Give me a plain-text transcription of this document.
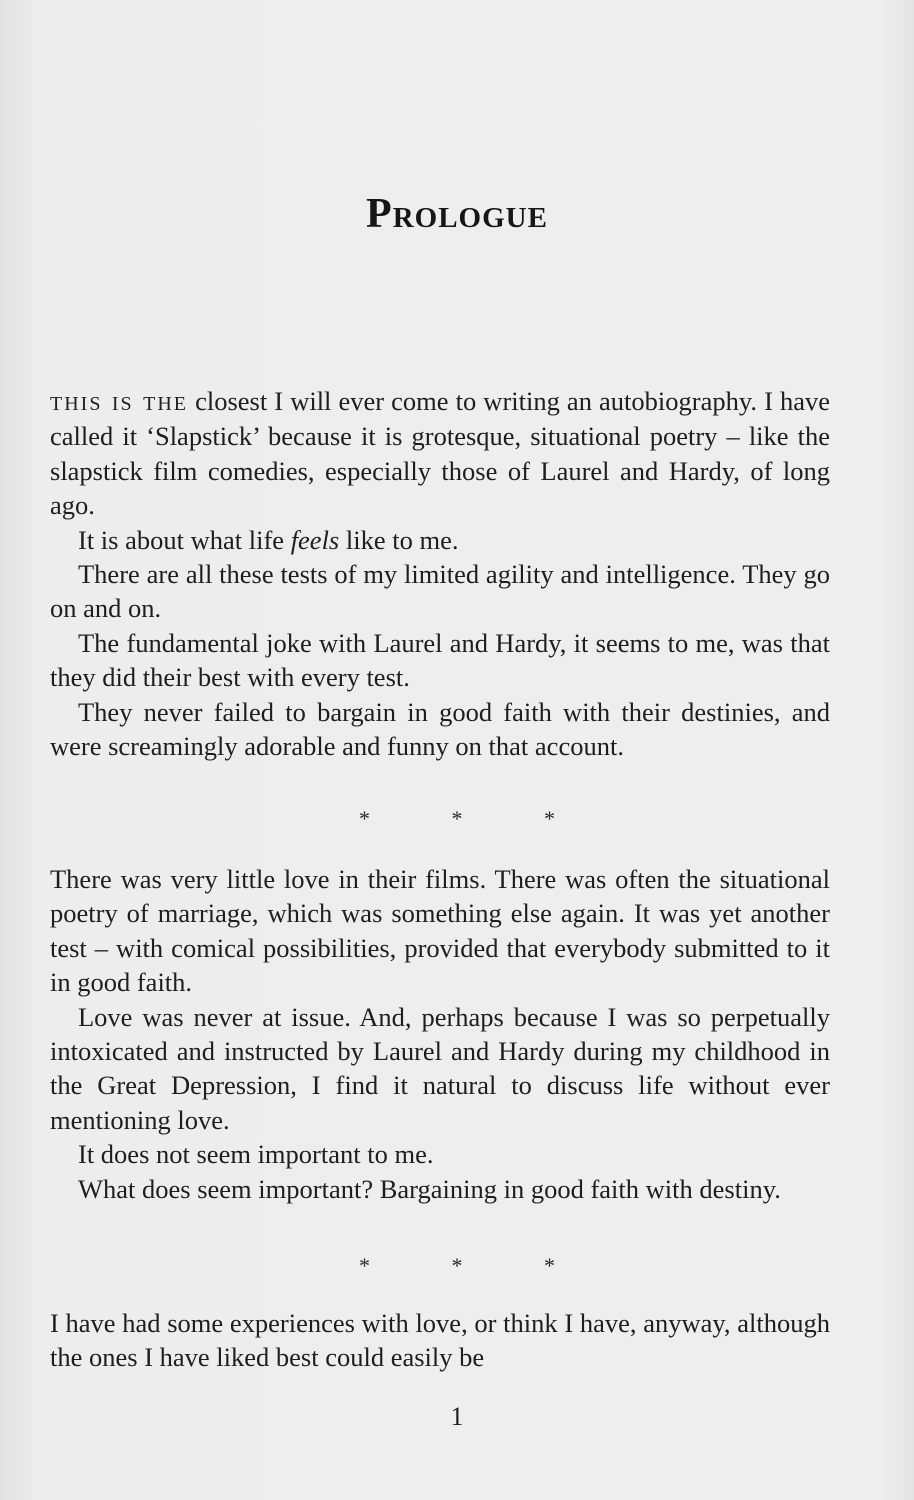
Prologue

this is the closest I will ever come to writing an autobiography. I have called it ‘Slapstick’ because it is grotesque, situational poetry – like the slapstick film comedies, especially those of Laurel and Hardy, of long ago.

It is about what life feels like to me.

There are all these tests of my limited agility and intelligence. They go on and on.

The fundamental joke with Laurel and Hardy, it seems to me, was that they did their best with every test.

They never failed to bargain in good faith with their destinies, and were screamingly adorable and funny on that account.

* * *

There was very little love in their films. There was often the situational poetry of marriage, which was something else again. It was yet another test – with comical possibilities, provided that everybody submitted to it in good faith.

Love was never at issue. And, perhaps because I was so perpetually intoxicated and instructed by Laurel and Hardy during my childhood in the Great Depression, I find it natural to discuss life without ever mentioning love.

It does not seem important to me.

What does seem important? Bargaining in good faith with destiny.

* * *

I have had some experiences with love, or think I have, anyway, although the ones I have liked best could easily be

1
